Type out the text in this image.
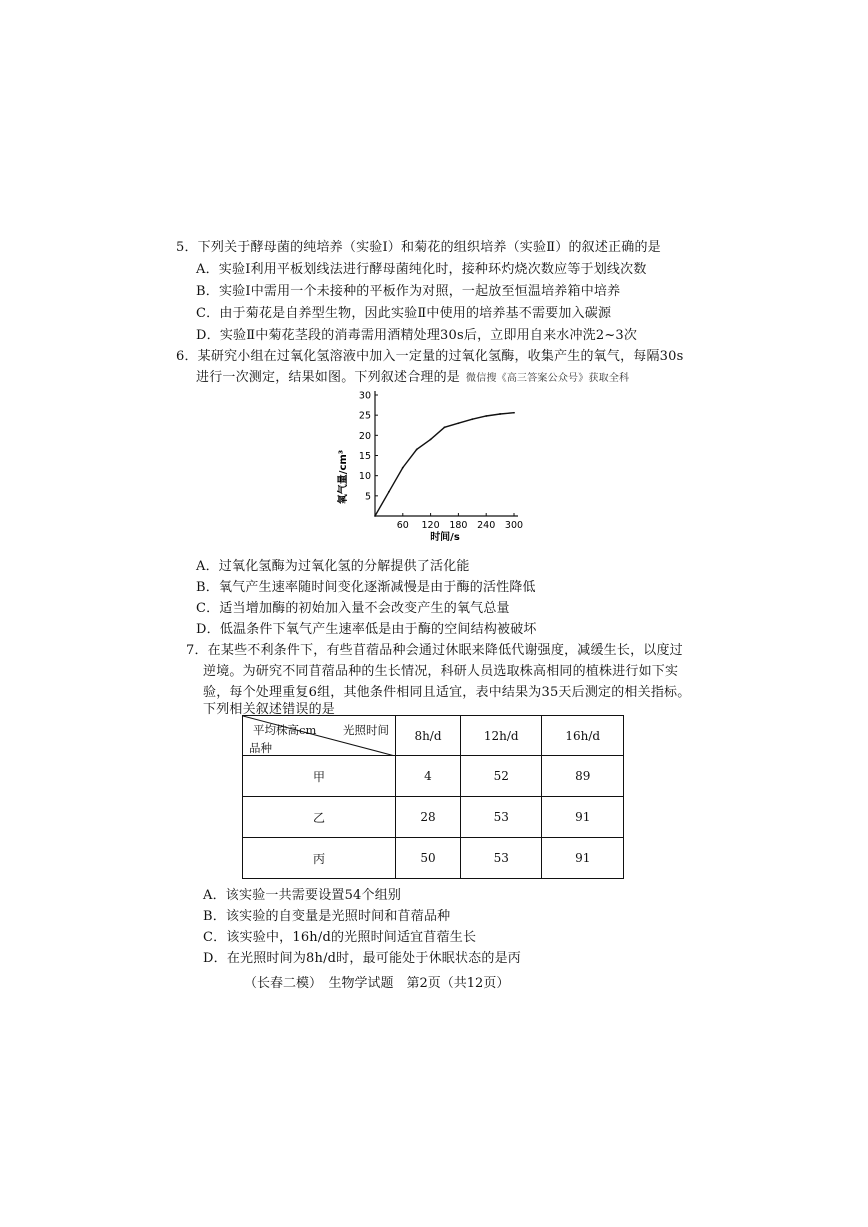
5．下列关于酵母菌的纯培养（实验Ⅰ）和菊花的组织培养（实验Ⅱ）的叙述正确的是
A．实验Ⅰ利用平板划线法进行酵母菌纯化时，接种环灼烧次数应等于划线次数
B．实验Ⅰ中需用一个未接种的平板作为对照，一起放至恒温培养箱中培养
C．由于菊花是自养型生物，因此实验Ⅱ中使用的培养基不需要加入碳源
D．实验Ⅱ中菊花茎段的消毒需用酒精处理30s后，立即用自来水冲洗2~3次
6．某研究小组在过氧化氢溶液中加入一定量的过氧化氢酶，收集产生的氧气，每隔30s
进行一次测定，结果如图。下列叙述合理的是 微信搜《高三答案公众号》获取全科
60 120 180 240 300
5
10
15
20
25
30
氧气量/cm³
时间/s
A．过氧化氢酶为过氧化氢的分解提供了活化能
B．氧气产生速率随时间变化逐渐减慢是由于酶的活性降低
C．适当增加酶的初始加入量不会改变产生的氧气总量
D．低温条件下氧气产生速率低是由于酶的空间结构被破坏
7．在某些不利条件下，有些苜蓿品种会通过休眠来降低代谢强度，减缓生长，以度过
逆境。为研究不同苜蓿品种的生长情况，科研人员选取株高相同的植株进行如下实
验，每个处理重复6组，其他条件相同且适宜，表中结果为35天后测定的相关指标。
下列相关叙述错误的是
平均株高cm 光照时间
品种	8h/d	12h/d	16h/d
甲	4	52	89
乙	28	53	91
丙	50	53	91
A．该实验一共需要设置54个组别
B．该实验的自变量是光照时间和苜蓿品种
C．该实验中，16h/d的光照时间适宜苜蓿生长
D．在光照时间为8h/d时，最可能处于休眠状态的是丙
（长春二模）　生物学试题　第2页（共12页）
